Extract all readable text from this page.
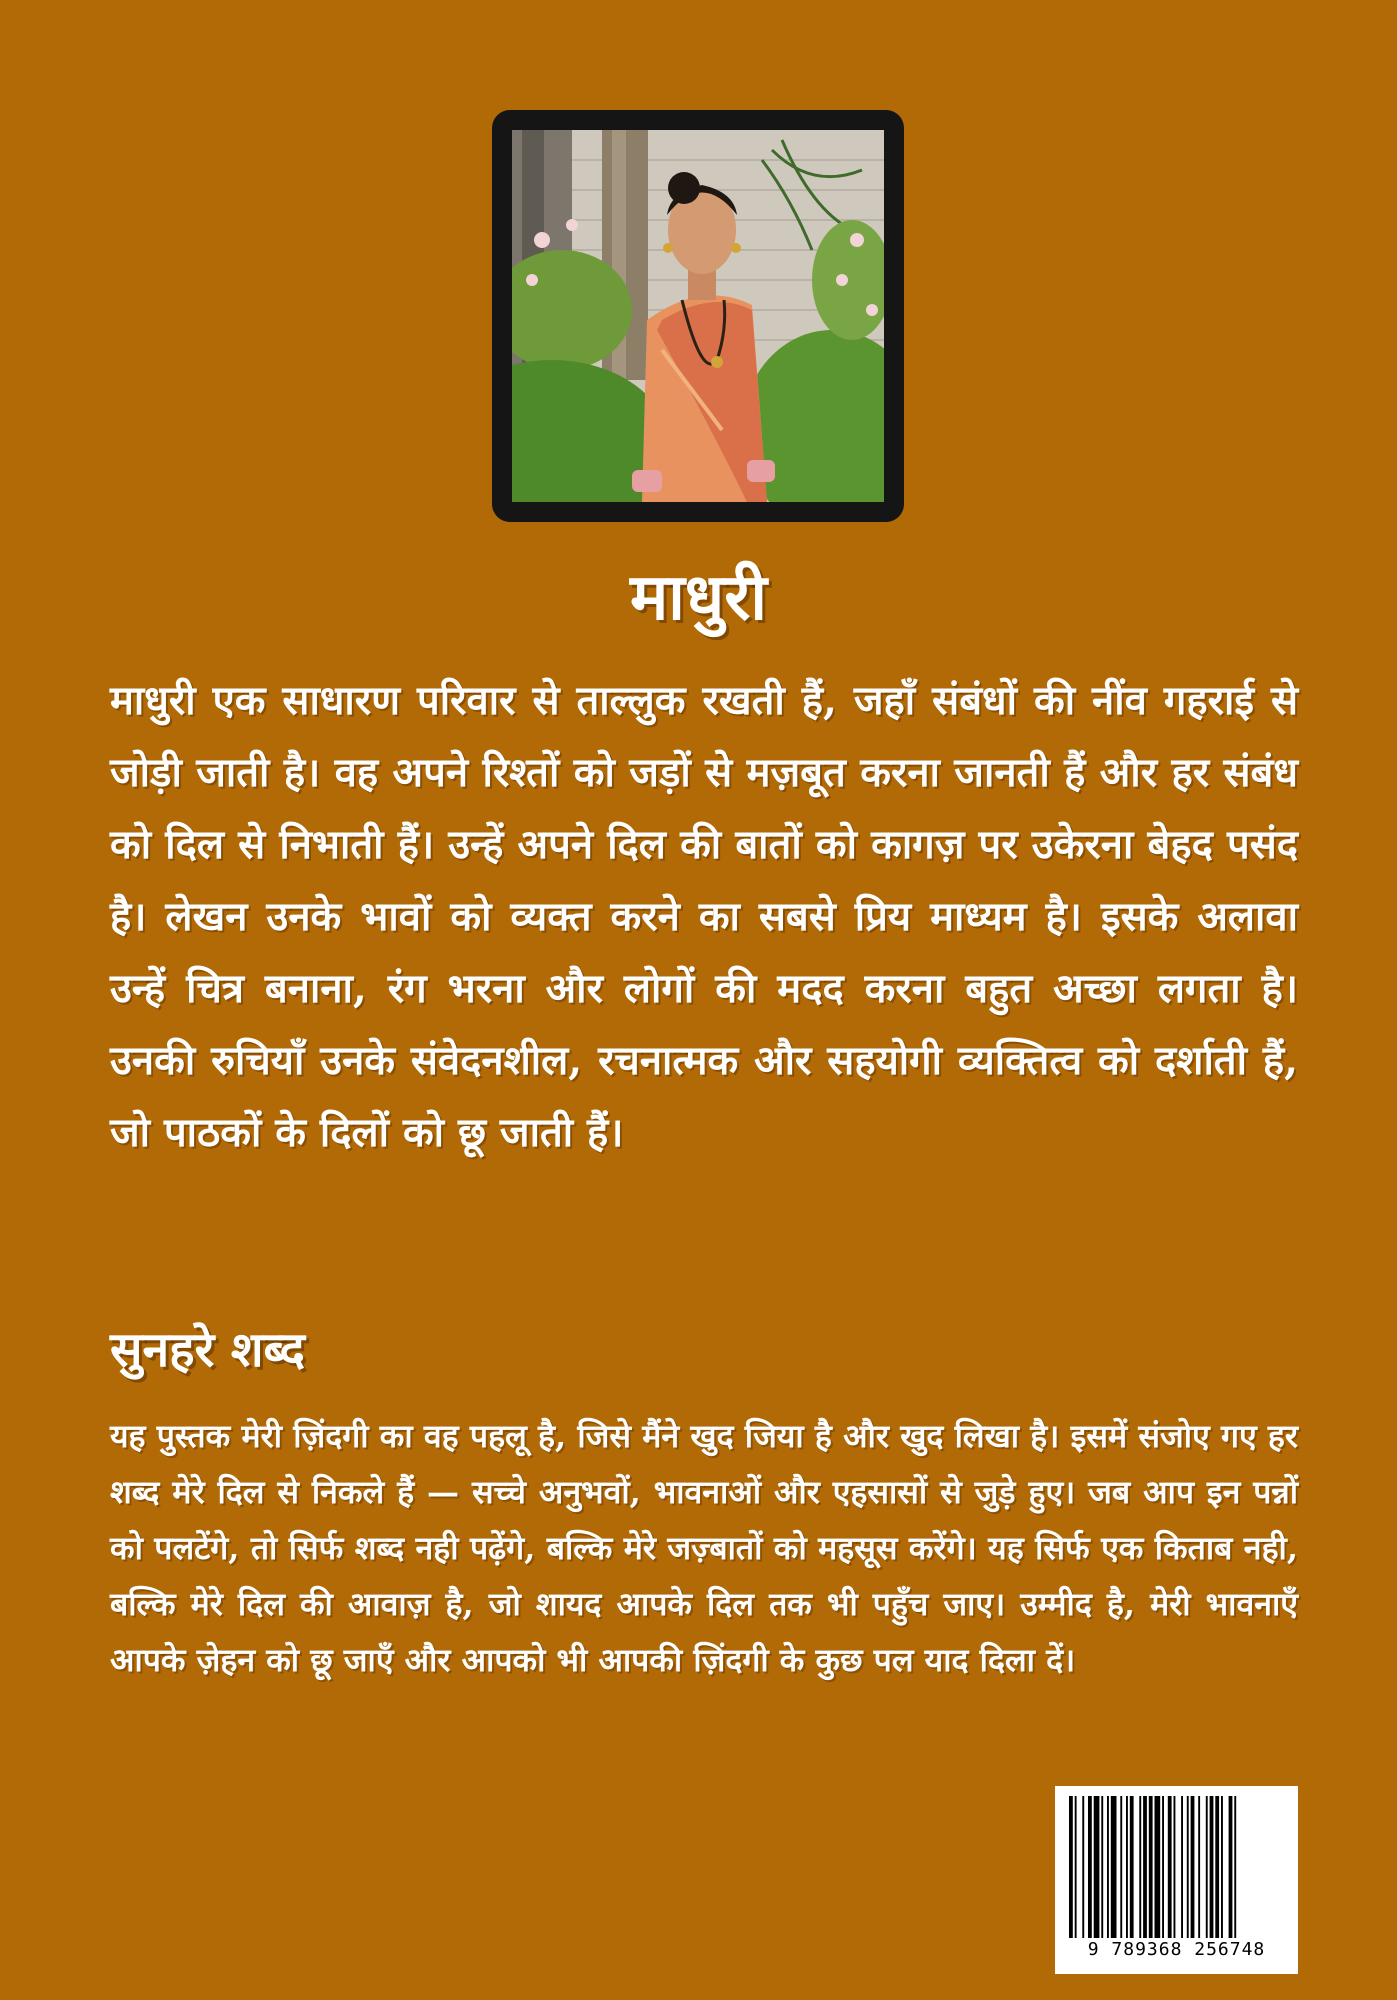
माधुरी

माधुरी एक साधारण परिवार से ताल्लुक रखती हैं, जहाँ संबंधों की नींव गहराई से जोड़ी जाती है। वह अपने रिश्तों को जड़ों से मज़बूत करना जानती हैं और हर संबंध को दिल से निभाती हैं। उन्हें अपने दिल की बातों को कागज़ पर उकेरना बेहद पसंद है। लेखन उनके भावों को व्यक्त करने का सबसे प्रिय माध्यम है। इसके अलावा उन्हें चित्र बनाना, रंग भरना और लोगों की मदद करना बहुत अच्छा लगता है। उनकी रुचियाँ उनके संवेदनशील, रचनात्मक और सहयोगी व्यक्तित्व को दर्शाती हैं, जो पाठकों के दिलों को छू जाती हैं।

सुनहरे शब्द

यह पुस्तक मेरी ज़िंदगी का वह पहलू है, जिसे मैंने खुद जिया है और खुद लिखा है। इसमें संजोए गए हर शब्द मेरे दिल से निकले हैं — सच्चे अनुभवों, भावनाओं और एहसासों से जुड़े हुए। जब आप इन पन्नों को पलटेंगे, तो सिर्फ शब्द नही पढ़ेंगे, बल्कि मेरे जज़्बातों को महसूस करेंगे। यह सिर्फ एक किताब नही, बल्कि मेरे दिल की आवाज़ है, जो शायद आपके दिल तक भी पहुँच जाए। उम्मीद है, मेरी भावनाएँ आपके ज़ेहन को छू जाएँ और आपको भी आपकी ज़िंदगी के कुछ पल याद दिला दें।

9 789368 256748
